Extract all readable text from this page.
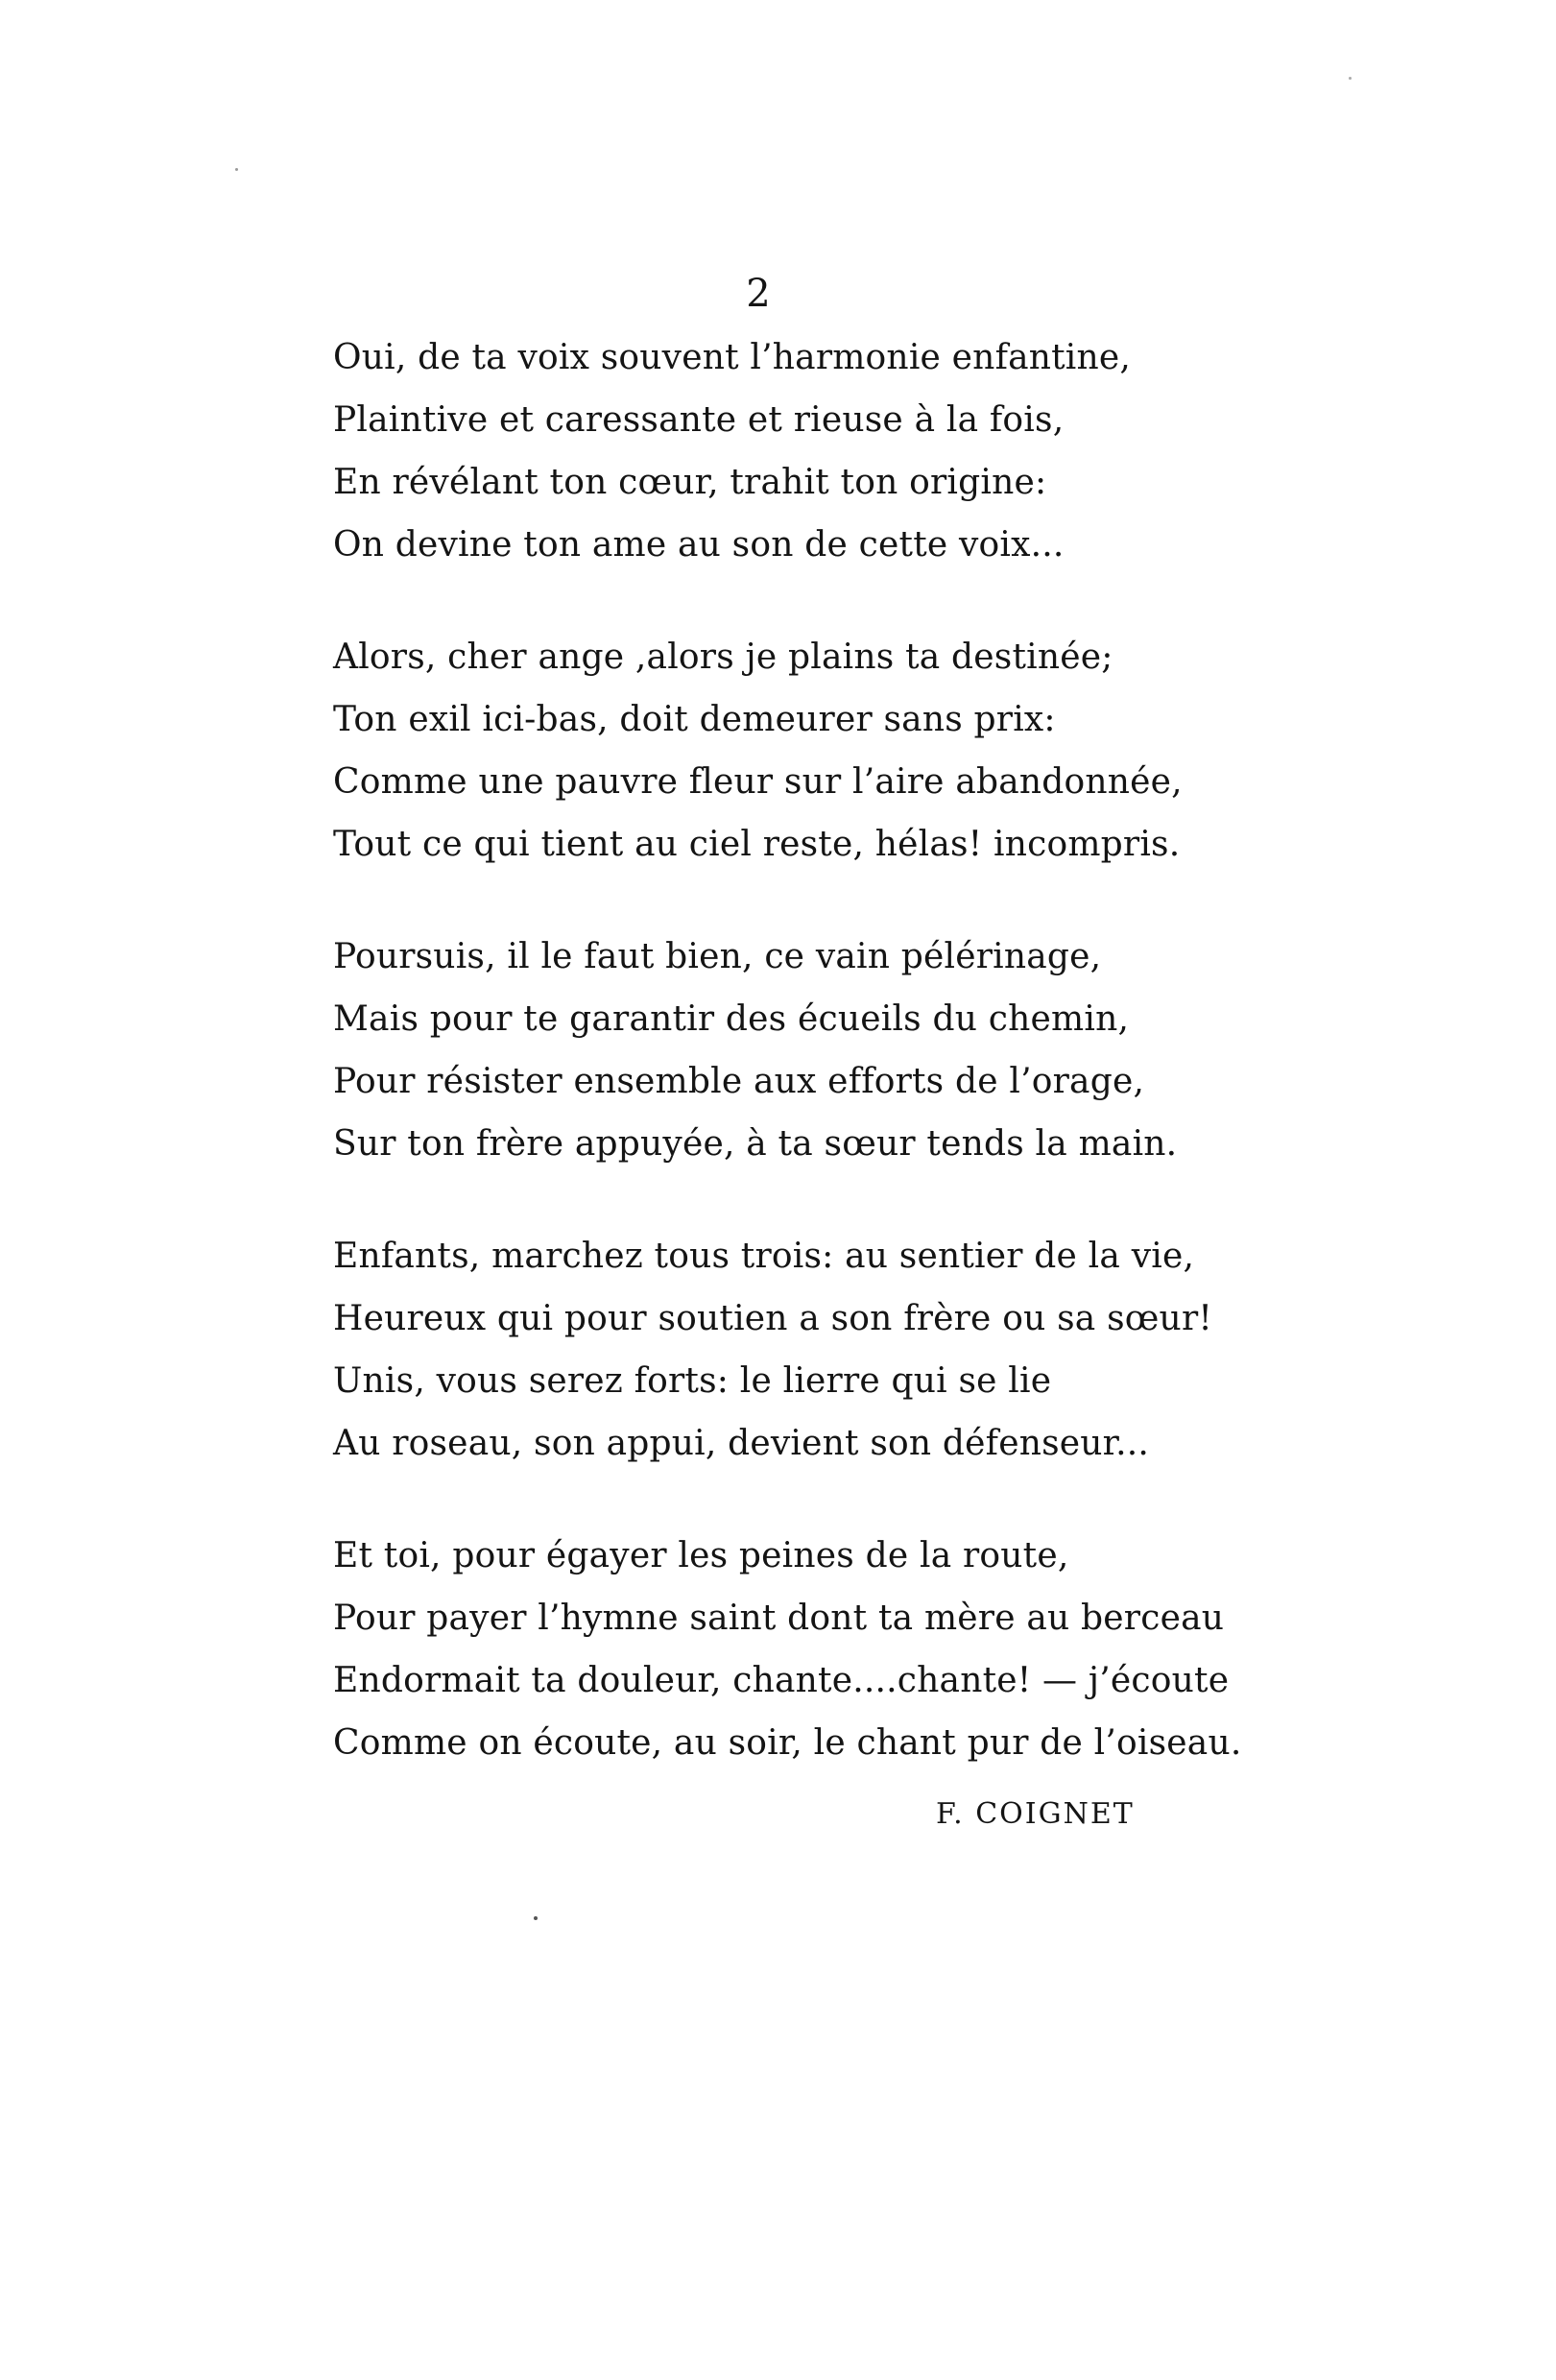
2
Oui, de ta voix souvent l’harmonie enfantine,
Plaintive et caressante et rieuse à la fois,
En révélant ton cœur, trahit ton origine:
On devine ton ame au son de cette voix...
Alors, cher ange ,alors je plains ta destinée;
Ton exil ici-bas, doit demeurer sans prix:
Comme une pauvre fleur sur l’aire abandonnée,
Tout ce qui tient au ciel reste, hélas! incompris.
Poursuis, il le faut bien, ce vain pélérinage,
Mais pour te garantir des écueils du chemin,
Pour résister ensemble aux efforts de l’orage,
Sur ton frère appuyée, à ta sœur tends la main.
Enfants, marchez tous trois: au sentier de la vie,
Heureux qui pour soutien a son frère ou sa sœur!
Unis, vous serez forts: le lierre qui se lie
Au roseau, son appui, devient son défenseur...
Et toi, pour égayer les peines de la route,
Pour payer l’hymne saint dont ta mère au berceau
Endormait ta douleur, chante....chante! — j’écoute
Comme on écoute, au soir, le chant pur de l’oiseau.
F. COIGNET
